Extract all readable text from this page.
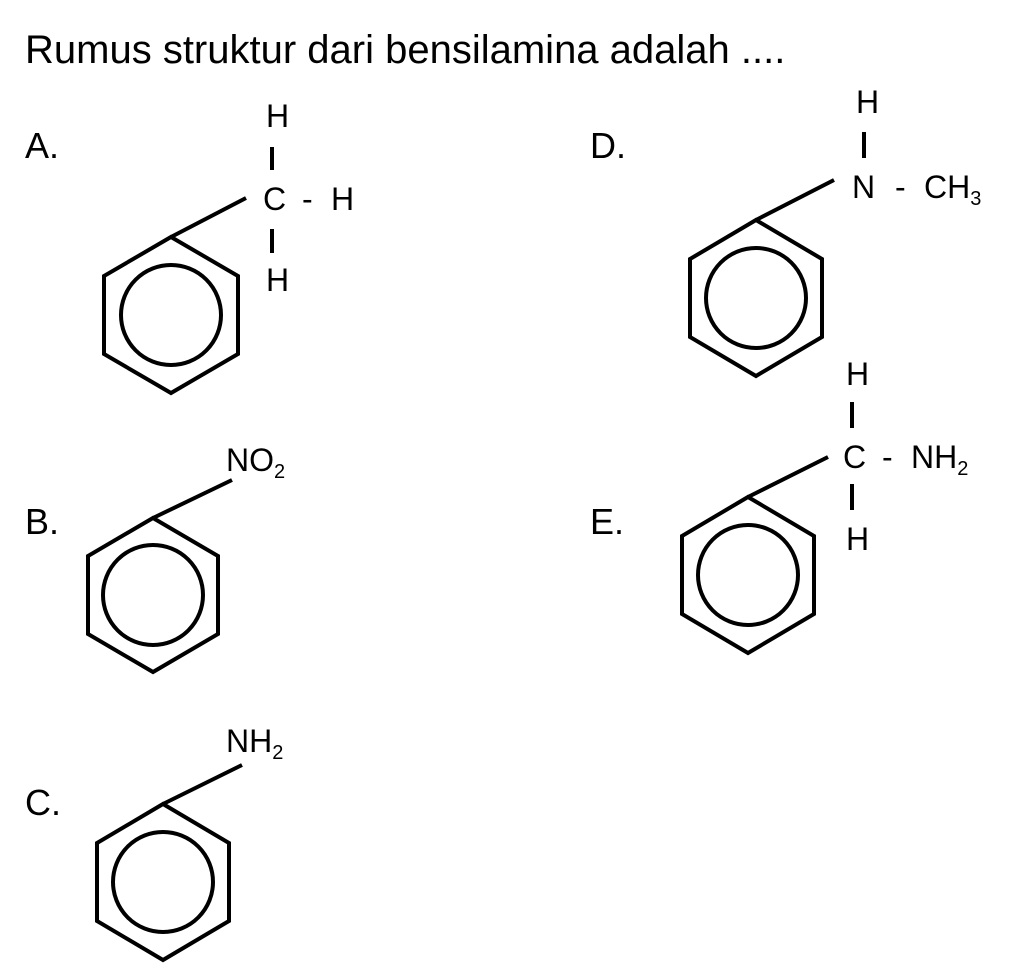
Rumus struktur dari bensilamina adalah ....
A.
H
C - H
H
B.
$NO_2$
C.
$NH_2$
D.
H
N - $CH_3$
E.
H
C - $NH_2$
H
